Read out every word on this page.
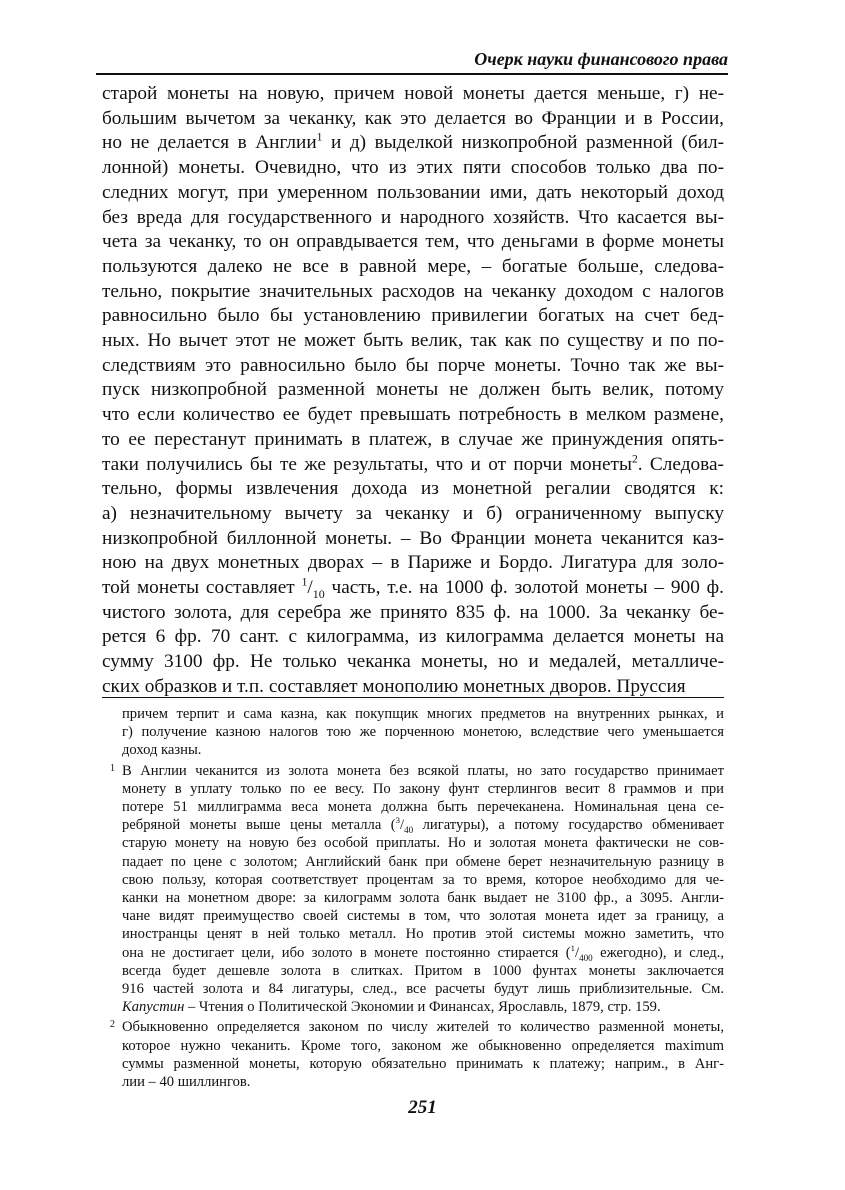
Очерк науки финансового права
старой монеты на новую, причем новой монеты дается меньше, г) не-
большим вычетом за чеканку, как это делается во Франции и в России,
но не делается в Англии$^1$ и д) выделкой низкопробной разменной (бил-
лонной) монеты. Очевидно, что из этих пяти способов только два по-
следних могут, при умеренном пользовании ими, дать некоторый доход
без вреда для государственного и народного хозяйств. Что касается вы-
чета за чеканку, то он оправдывается тем, что деньгами в форме монеты
пользуются далеко не все в равной мере, – богатые больше, следова-
тельно, покрытие значительных расходов на чеканку доходом с налогов
равносильно было бы установлению привилегии богатых на счет бед-
ных. Но вычет этот не может быть велик, так как по существу и по по-
следствиям это равносильно было бы порче монеты. Точно так же вы-
пуск низкопробной разменной монеты не должен быть велик, потому
что если количество ее будет превышать потребность в мелком размене,
то ее перестанут принимать в платеж, в случае же принуждения опять-
таки получились бы те же результаты, что и от порчи монеты$^2$. Следова-
тельно, формы извлечения дохода из монетной регалии сводятся к:
а) незначительному вычету за чеканку и б) ограниченному выпуску
низкопробной биллонной монеты. – Во Франции монета чеканится каз-
ною на двух монетных дворах – в Париже и Бордо. Лигатура для золо-
той монеты составляет $^1/_{10}$ часть, т.е. на 1000 ф. золотой монеты – 900 ф.
чистого золота, для серебра же принято 835 ф. на 1000. За чеканку бе-
рется 6 фр. 70 сант. с килограмма, из килограмма делается монеты на
сумму 3100 фр. Не только чеканка монеты, но и медалей, металличе-
ских образков и т.п. составляет монополию монетных дворов. Пруссия
причем терпит и сама казна, как покупщик многих предметов на внутренних рынках, и
г) получение казною налогов тою же порченною монетою, вследствие чего уменьшается
доход казны.
1 В Англии чеканится из золота монета без всякой платы, но зато государство принимает
монету в уплату только по ее весу. По закону фунт стерлингов весит 8 граммов и при
потере 51 миллиграмма веса монета должна быть перечеканена. Номинальная цена се-
ребряной монеты выше цены металла ($^3/_{40}$ лигатуры), а потому государство обменивает
старую монету на новую без особой приплаты. Но и золотая монета фактически не сов-
падает по цене с золотом; Английский банк при обмене берет незначительную разницу в
свою пользу, которая соответствует процентам за то время, которое необходимо для че-
канки на монетном дворе: за килограмм золота банк выдает не 3100 фр., а 3095. Англи-
чане видят преимущество своей системы в том, что золотая монета идет за границу, а
иностранцы ценят в ней только металл. Но против этой системы можно заметить, что
она не достигает цели, ибо золото в монете постоянно стирается ($^1/_{400}$ ежегодно), и след.,
всегда будет дешевле золота в слитках. Притом в 1000 фунтах монеты заключается
916 частей золота и 84 лигатуры, след., все расчеты будут лишь приблизительные. См.
Капустин – Чтения о Политической Экономии и Финансах, Ярославль, 1879, стр. 159.
2 Обыкновенно определяется законом по числу жителей то количество разменной монеты,
которое нужно чеканить. Кроме того, законом же обыкновенно определяется maximum
суммы разменной монеты, которую обязательно принимать к платежу; наприм., в Анг-
лии – 40 шиллингов.
251
